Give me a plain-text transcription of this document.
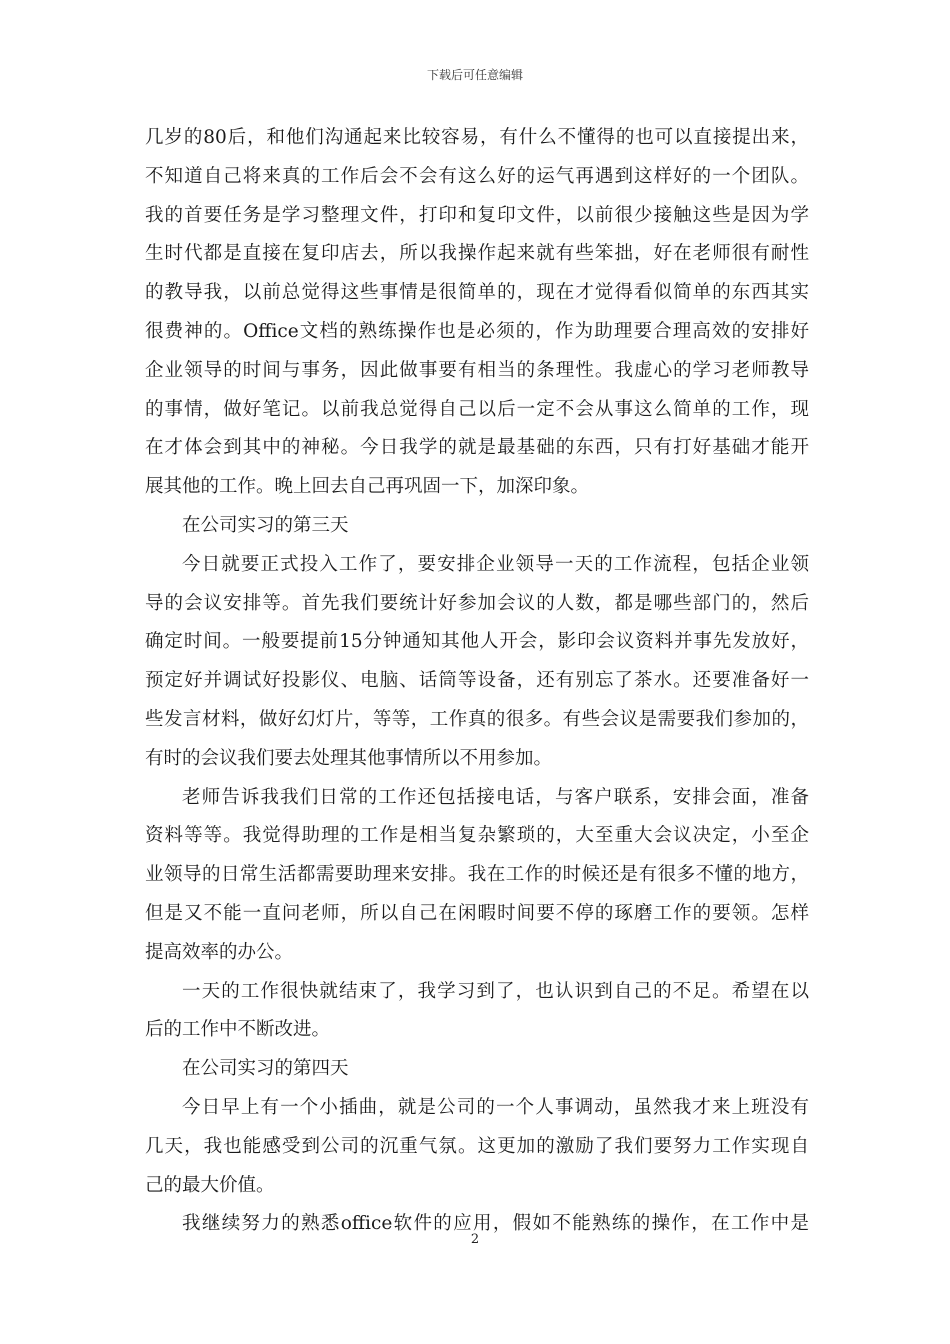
下载后可任意编辑
几岁的80后，和他们沟通起来比较容易，有什么不懂得的也可以直接提出来，
不知道自己将来真的工作后会不会有这么好的运气再遇到这样好的一个团队。
我的首要任务是学习整理文件，打印和复印文件，以前很少接触这些是因为学
生时代都是直接在复印店去，所以我操作起来就有些笨拙，好在老师很有耐性
的教导我，以前总觉得这些事情是很简单的，现在才觉得看似简单的东西其实
很费神的。Office文档的熟练操作也是必须的，作为助理要合理高效的安排好
企业领导的时间与事务，因此做事要有相当的条理性。我虚心的学习老师教导
的事情，做好笔记。以前我总觉得自己以后一定不会从事这么简单的工作，现
在才体会到其中的神秘。今日我学的就是最基础的东西，只有打好基础才能开
展其他的工作。晚上回去自己再巩固一下，加深印象。
在公司实习的第三天
今日就要正式投入工作了，要安排企业领导一天的工作流程，包括企业领
导的会议安排等。首先我们要统计好参加会议的人数，都是哪些部门的，然后
确定时间。一般要提前15分钟通知其他人开会，影印会议资料并事先发放好，
预定好并调试好投影仪、电脑、话筒等设备，还有别忘了茶水。还要准备好一
些发言材料，做好幻灯片，等等，工作真的很多。有些会议是需要我们参加的，
有时的会议我们要去处理其他事情所以不用参加。
老师告诉我我们日常的工作还包括接电话，与客户联系，安排会面，准备
资料等等。我觉得助理的工作是相当复杂繁琐的，大至重大会议决定，小至企
业领导的日常生活都需要助理来安排。我在工作的时候还是有很多不懂的地方，
但是又不能一直问老师，所以自己在闲暇时间要不停的琢磨工作的要领。怎样
提高效率的办公。
一天的工作很快就结束了，我学习到了，也认识到自己的不足。希望在以
后的工作中不断改进。
在公司实习的第四天
今日早上有一个小插曲，就是公司的一个人事调动，虽然我才来上班没有
几天，我也能感受到公司的沉重气氛。这更加的激励了我们要努力工作实现自
己的最大价值。
我继续努力的熟悉office软件的应用，假如不能熟练的操作，在工作中是
2
